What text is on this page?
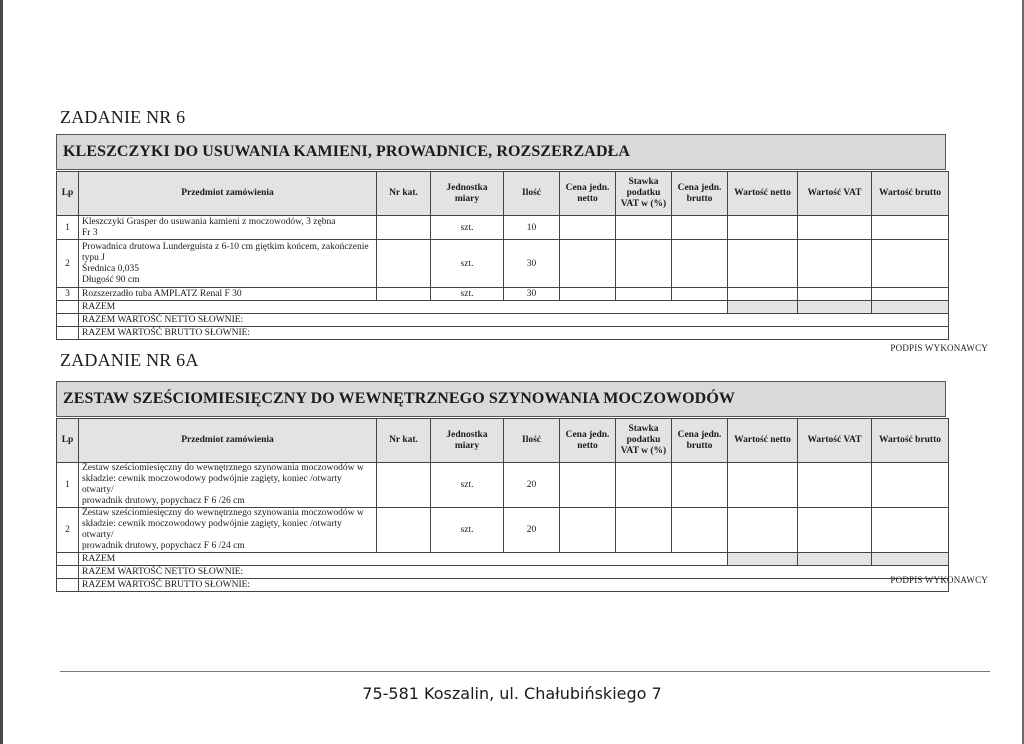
ZADANIE NR 6
KLESZCZYKI DO USUWANIA KAMIENI, PROWADNICE, ROZSZERZADŁA
Lp	Przedmiot zamówienia	Nr kat.	Jednostka miary	Ilość	Cena jedn. netto	Stawka podatku VAT w (%)	Cena jedn. brutto	Wartość netto	Wartość VAT	Wartość brutto
1	Kleszczyki Grasper do usuwania kamieni z moczowodów, 3 zębna
Fr 3		szt.	10						
2	Prowadnica drutowa Lunderguista z 6-10 cm giętkim końcem, zakończenie
typu J
Średnica 0,035
Długość 90 cm		szt.	30						
3	Rozszerzadło tuba AMPLATZ Renal F 30		szt.	30						
	RAZEM									
	RAZEM WARTOŚĆ NETTO SŁOWNIE:									
	RAZEM WARTOŚĆ BRUTTO SŁOWNIE:									
PODPIS WYKONAWCY
ZADANIE NR 6A
ZESTAW SZEŚCIOMIESIĘCZNY DO WEWNĘTRZNEGO SZYNOWANIA MOCZOWODÓW
Lp	Przedmiot zamówienia	Nr kat.	Jednostka miary	Ilość	Cena jedn. netto	Stawka podatku VAT w (%)	Cena jedn. brutto	Wartość netto	Wartość VAT	Wartość brutto
1	Zestaw sześciomiesięczny do wewnętrznego szynowania moczowodów w
składzie: cewnik moczowodowy podwójnie zagięty, koniec /otwarty otwarty/
prowadnik drutowy, popychacz F 6 /26 cm		szt.	20						
2	Zestaw sześciomiesięczny do wewnętrznego szynowania moczowodów w
składzie: cewnik moczowodowy podwójnie zagięty, koniec /otwarty otwarty/
prowadnik drutowy, popychacz F 6 /24 cm		szt.	20						
	RAZEM									
	RAZEM WARTOŚĆ NETTO SŁOWNIE:									
	RAZEM WARTOŚĆ BRUTTO SŁOWNIE:										PODPIS WYKONAWCY
75-581 Koszalin, ul. Chałubińskiego 7
